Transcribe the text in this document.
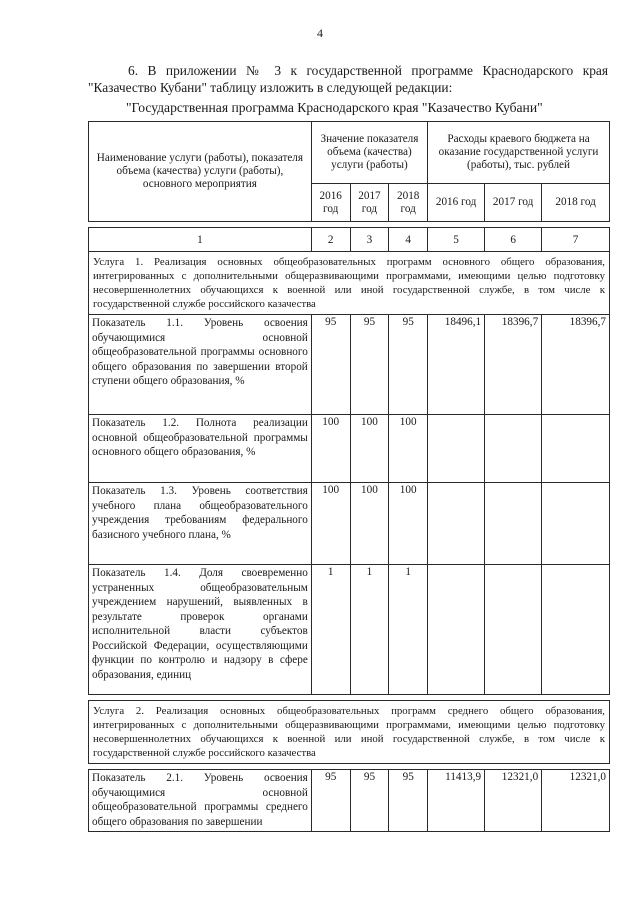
4

6. В приложении № 3 к государственной программе Краснодарского края "Казачество Кубани" таблицу изложить в следующей редакции:

"Государственная программа Краснодарского края "Казачество Кубани"
Наименование услуги (работы), показателя объема (качества) услуги (работы), основного мероприятия	Значение показателя объема (качества) услуги (работы)			Расходы краевого бюджета на оказание государственной услуги (работы), тыс. рублей		
	2016 год	2017 год	2018 год	2016 год	2017 год	2018 год

1	2	3	4	5	6	7
Услуга 1. Реализация основных общеобразовательных программ основного общего образования, интегрированных с дополнительными общеразвивающими программами, имеющими целью подготовку несовершеннолетних обучающихся к военной или иной государственной службе, в том числе к государственной службе российского казачества						
Показатель 1.1. Уровень освоения обучающимися основной общеобразовательной программы основного общего образования по завершении второй ступени общего образования, %	95	95	95	18496,1	18396,7	18396,7
Показатель 1.2. Полнота реализации основной общеобразовательной программы основного общего образования, %	100	100	100			
Показатель 1.3. Уровень соответствия учебного плана общеобразовательного учреждения требованиям федерального базисного учебного плана, %	100	100	100			
Показатель 1.4. Доля своевременно устраненных общеобразовательным учреждением нарушений, выявленных в результате проверок органами исполнительной власти субъектов Российской Федерации, осуществляющими функции по контролю и надзору в сфере образования, единиц	1	1	1			

Услуга 2. Реализация основных общеобразовательных программ среднего общего образования, интегрированных с дополнительными общеразвивающими программами, имеющими целью подготовку несовершеннолетних обучающихся к военной или иной государственной службе, в том числе к государственной службе российского казачества						

Показатель 2.1. Уровень освоения обучающимися основной общеобразовательной программы среднего общего образования по завершении	95	95	95	11413,9	12321,0	12321,0
